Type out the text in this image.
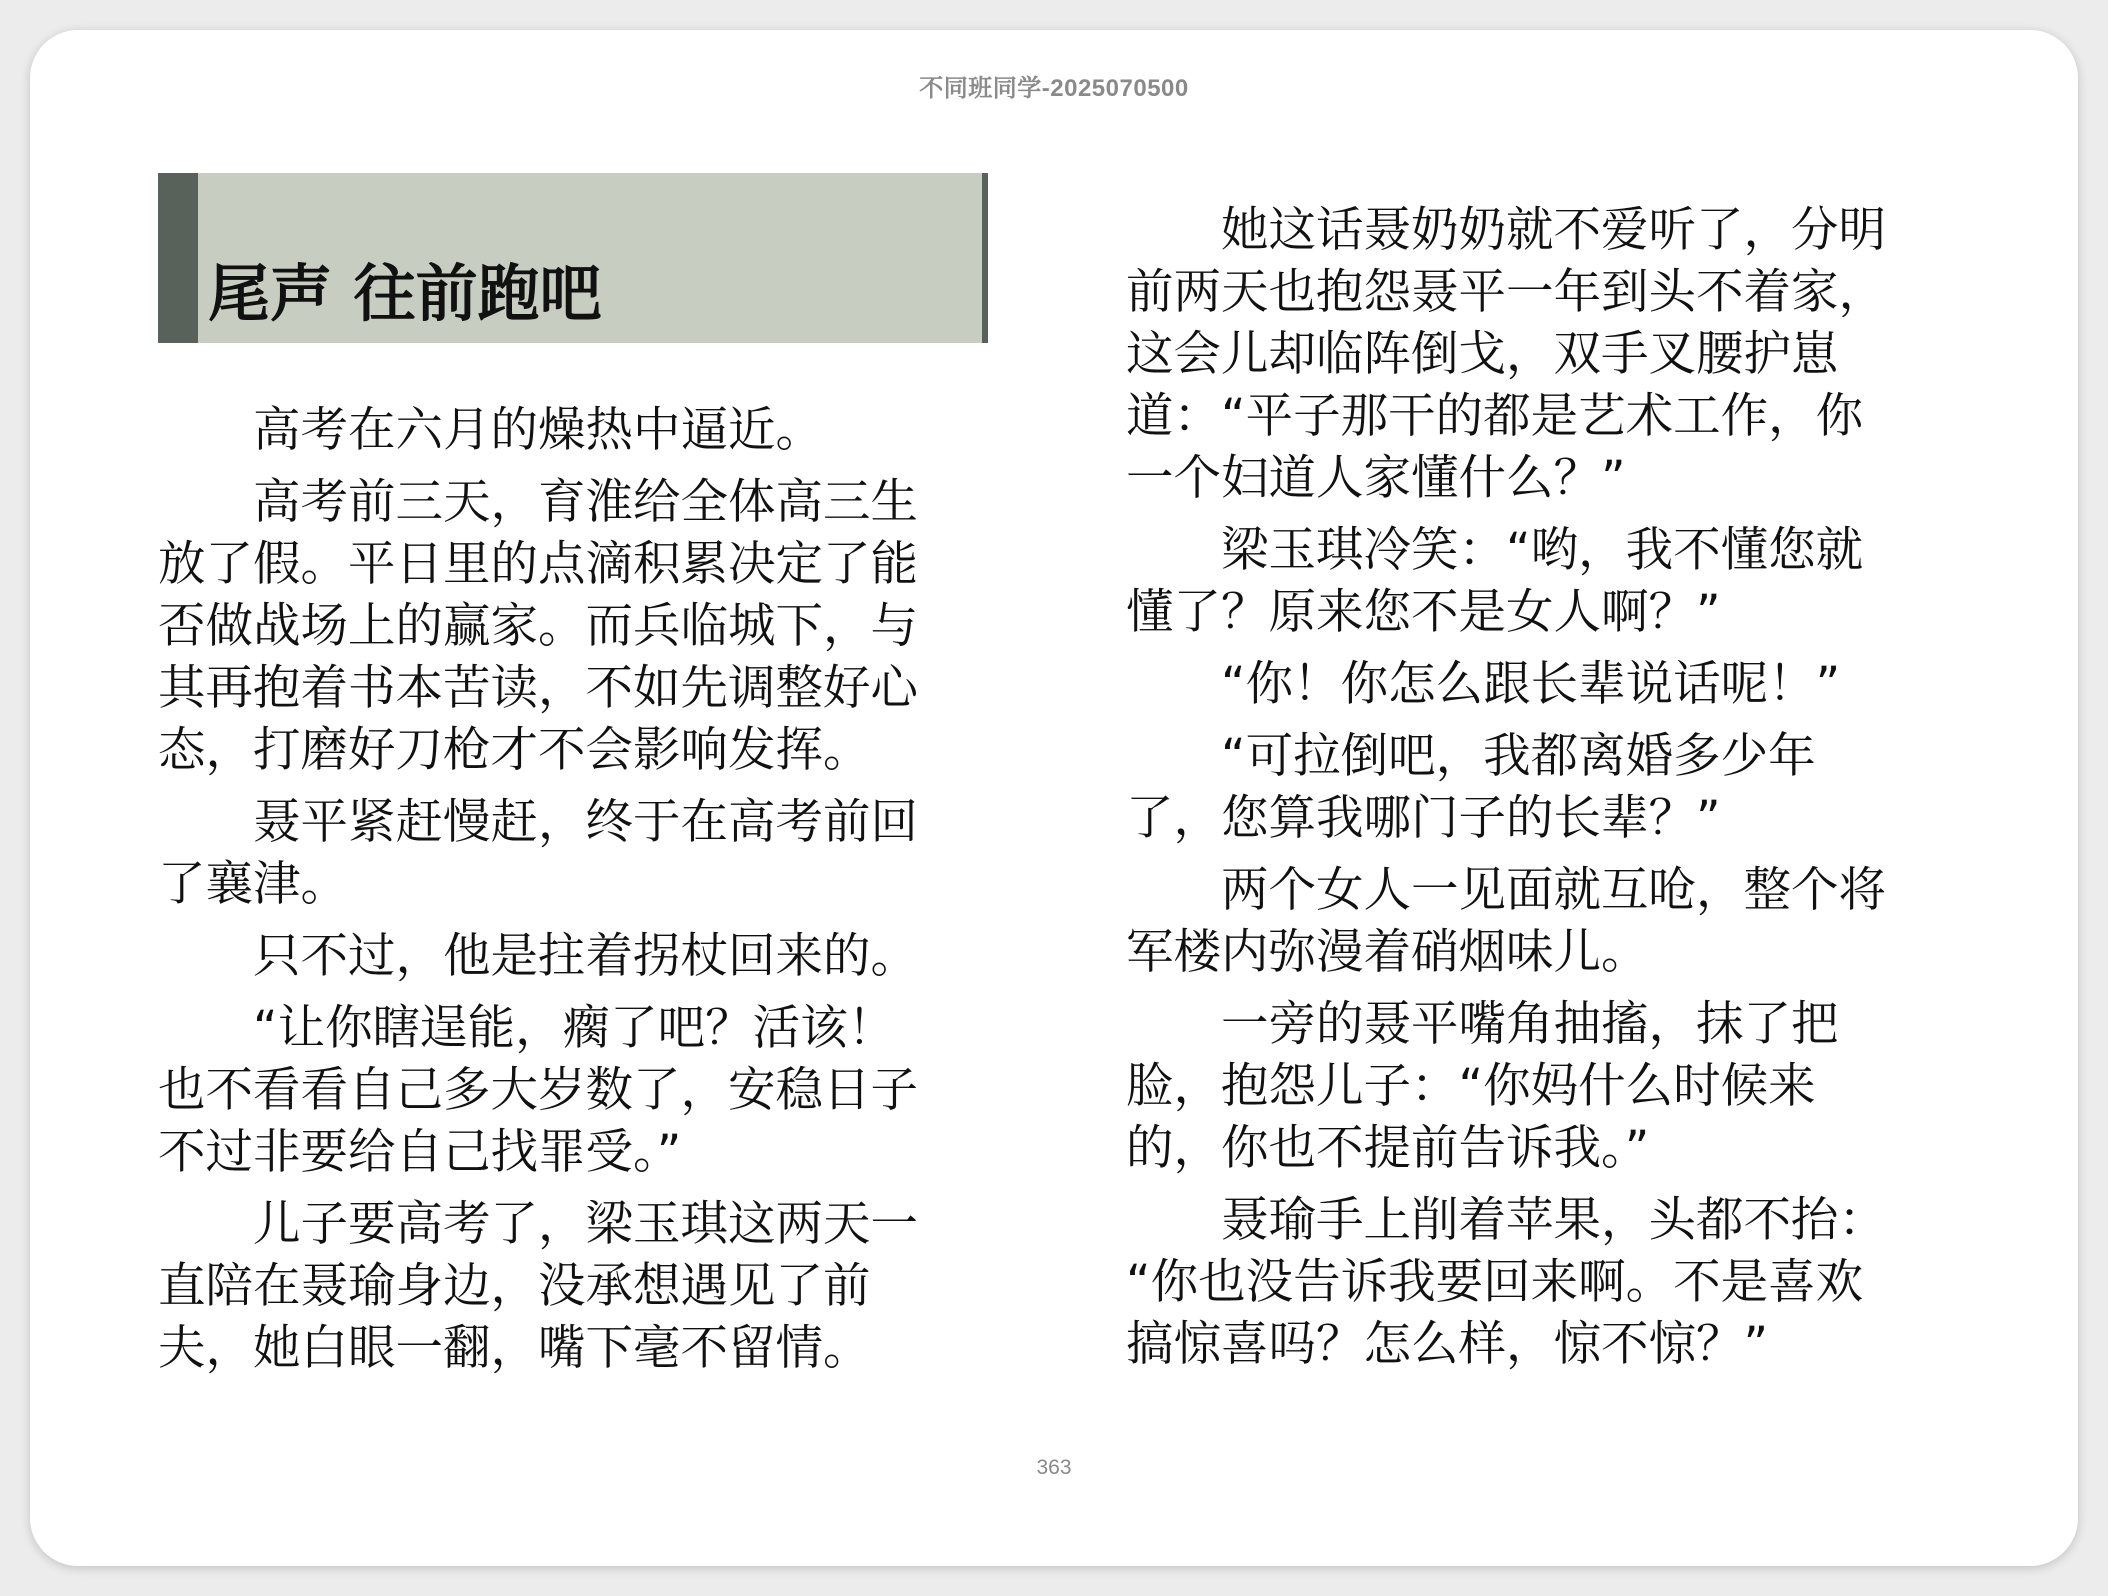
不同班同学-2025070500
尾声 往前跑吧

高考在六月的燥热中逼近。

高考前三天，育淮给全体高三生
放了假。平日里的点滴积累决定了能
否做战场上的赢家。而兵临城下，与
其再抱着书本苦读，不如先调整好心
态，打磨好刀枪才不会影响发挥。

聂平紧赶慢赶，终于在高考前回
了襄津。

只不过，他是拄着拐杖回来的。

“让你瞎逞能，瘸了吧？活该！
也不看看自己多大岁数了，安稳日子
不过非要给自己找罪受。”

儿子要高考了，梁玉琪这两天一
直陪在聂瑜身边，没承想遇见了前
夫，她白眼一翻，嘴下毫不留情。

她这话聂奶奶就不爱听了，分明
前两天也抱怨聂平一年到头不着家，
这会儿却临阵倒戈，双手叉腰护崽
道：“平子那干的都是艺术工作，你
一个妇道人家懂什么？”

梁玉琪冷笑：“哟，我不懂您就
懂了？原来您不是女人啊？”

“你！你怎么跟长辈说话呢！”

“可拉倒吧，我都离婚多少年
了，您算我哪门子的长辈？”

两个女人一见面就互呛，整个将
军楼内弥漫着硝烟味儿。

一旁的聂平嘴角抽搐，抹了把
脸，抱怨儿子：“你妈什么时候来
的，你也不提前告诉我。”

聂瑜手上削着苹果，头都不抬：
“你也没告诉我要回来啊。不是喜欢
搞惊喜吗？怎么样，惊不惊？”

363
